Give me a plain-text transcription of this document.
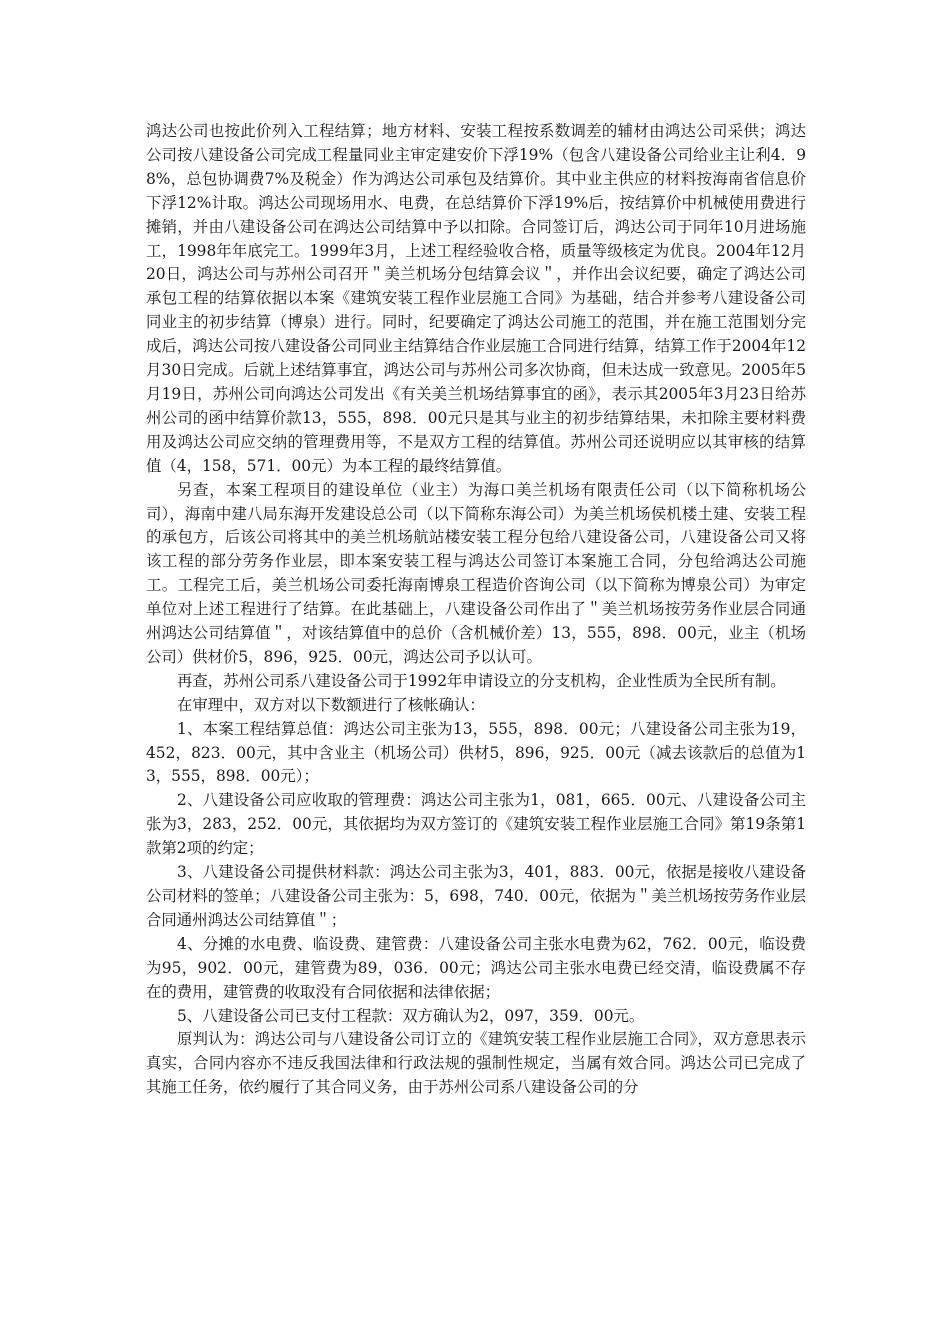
鸿达公司也按此价列入工程结算；地方材料、安装工程按系数调差的辅材由鸿达公司采供；鸿达公司按八建设备公司完成工程量同业主审定建安价下浮19%（包含八建设备公司给业主让利4．98%，总包协调费7%及税金）作为鸿达公司承包及结算价。其中业主供应的材料按海南省信息价下浮12%计取。鸿达公司现场用水、电费，在总结算价下浮19%后，按结算价中机械使用费进行摊销，并由八建设备公司在鸿达公司结算中予以扣除。合同签订后，鸿达公司于同年10月进场施工，1998年年底完工。1999年3月，上述工程经验收合格，质量等级核定为优良。2004年12月20日，鸿达公司与苏州公司召开＂美兰机场分包结算会议＂，并作出会议纪要，确定了鸿达公司承包工程的结算依据以本案《建筑安装工程作业层施工合同》为基础，结合并参考八建设备公司同业主的初步结算（博泉）进行。同时，纪要确定了鸿达公司施工的范围，并在施工范围划分完成后，鸿达公司按八建设备公司同业主结算结合作业层施工合同进行结算，结算工作于2004年12月30日完成。后就上述结算事宜，鸿达公司与苏州公司多次协商，但未达成一致意见。2005年5月19日，苏州公司向鸿达公司发出《有关美兰机场结算事宜的函》，表示其2005年3月23日给苏州公司的函中结算价款13，555，898．00元只是其与业主的初步结算结果，未扣除主要材料费用及鸿达公司应交纳的管理费用等，不是双方工程的结算值。苏州公司还说明应以其审核的结算值（4，158，571．00元）为本工程的最终结算值。

另查，本案工程项目的建设单位（业主）为海口美兰机场有限责任公司（以下简称机场公司），海南中建八局东海开发建设总公司（以下简称东海公司）为美兰机场侯机楼土建、安装工程的承包方，后该公司将其中的美兰机场航站楼安装工程分包给八建设备公司，八建设备公司又将该工程的部分劳务作业层，即本案安装工程与鸿达公司签订本案施工合同，分包给鸿达公司施工。工程完工后，美兰机场公司委托海南博泉工程造价咨询公司（以下简称为博泉公司）为审定单位对上述工程进行了结算。在此基础上，八建设备公司作出了＂美兰机场按劳务作业层合同通州鸿达公司结算值＂，对该结算值中的总价（含机械价差）13，555，898．00元，业主（机场公司）供材价5，896，925．00元，鸿达公司予以认可。

再查，苏州公司系八建设备公司于1992年申请设立的分支机构，企业性质为全民所有制。

在审理中，双方对以下数额进行了核帐确认：

1、本案工程结算总值：鸿达公司主张为13，555，898．00元；八建设备公司主张为19，452，823．00元，其中含业主（机场公司）供材5，896，925．00元（减去该款后的总值为13，555，898．00元）；

2、八建设备公司应收取的管理费：鸿达公司主张为1，081，665．00元、八建设备公司主张为3，283，252．00元，其依据均为双方签订的《建筑安装工程作业层施工合同》第19条第1款第2项的约定；

3、八建设备公司提供材料款：鸿达公司主张为3，401，883．00元，依据是接收八建设备公司材料的签单；八建设备公司主张为：5，698，740．00元，依据为＂美兰机场按劳务作业层合同通州鸿达公司结算值＂；

4、分摊的水电费、临设费、建管费：八建设备公司主张水电费为62，762．00元，临设费为95，902．00元，建管费为89，036．00元；鸿达公司主张水电费已经交清，临设费属不存在的费用，建管费的收取没有合同依据和法律依据；

5、八建设备公司已支付工程款：双方确认为2，097，359．00元。

原判认为：鸿达公司与八建设备公司订立的《建筑安装工程作业层施工合同》，双方意思表示真实，合同内容亦不违反我国法律和行政法规的强制性规定，当属有效合同。鸿达公司已完成了其施工任务，依约履行了其合同义务，由于苏州公司系八建设备公司的分
